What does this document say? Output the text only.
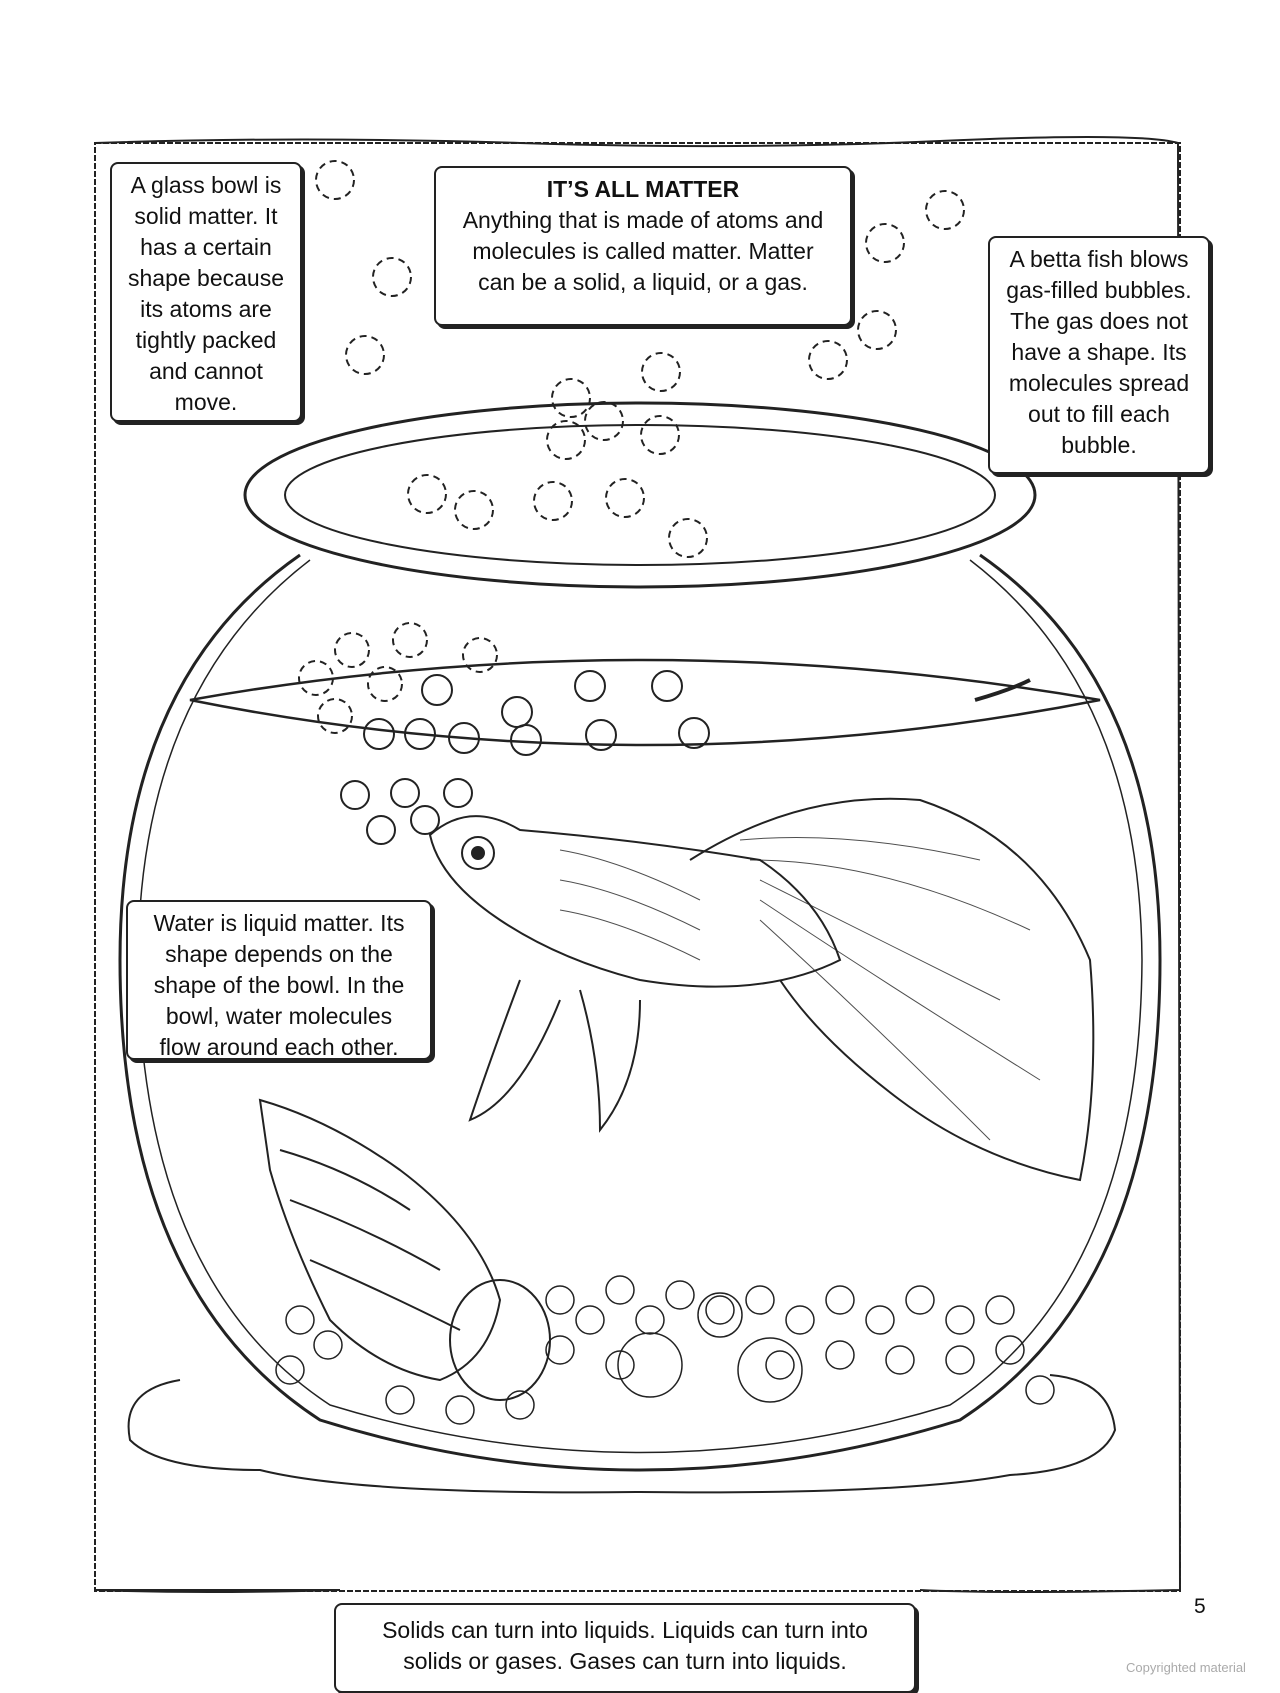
A glass bowl is
solid matter. It
has a certain
shape because
its atoms are
tightly packed
and cannot
move.
IT’S ALL MATTER
Anything that is made of atoms and
molecules is called matter. Matter
can be a solid, a liquid, or a gas.
A betta fish blows
gas-filled bubbles.
The gas does not
have a shape. Its
molecules spread
out to fill each
bubble.
Water is liquid matter. Its
shape depends on the
shape of the bowl. In the
bowl, water molecules
flow around each other.
Solids can turn into liquids. Liquids can turn into
solids or gases. Gases can turn into liquids.
5
Copyrighted material
